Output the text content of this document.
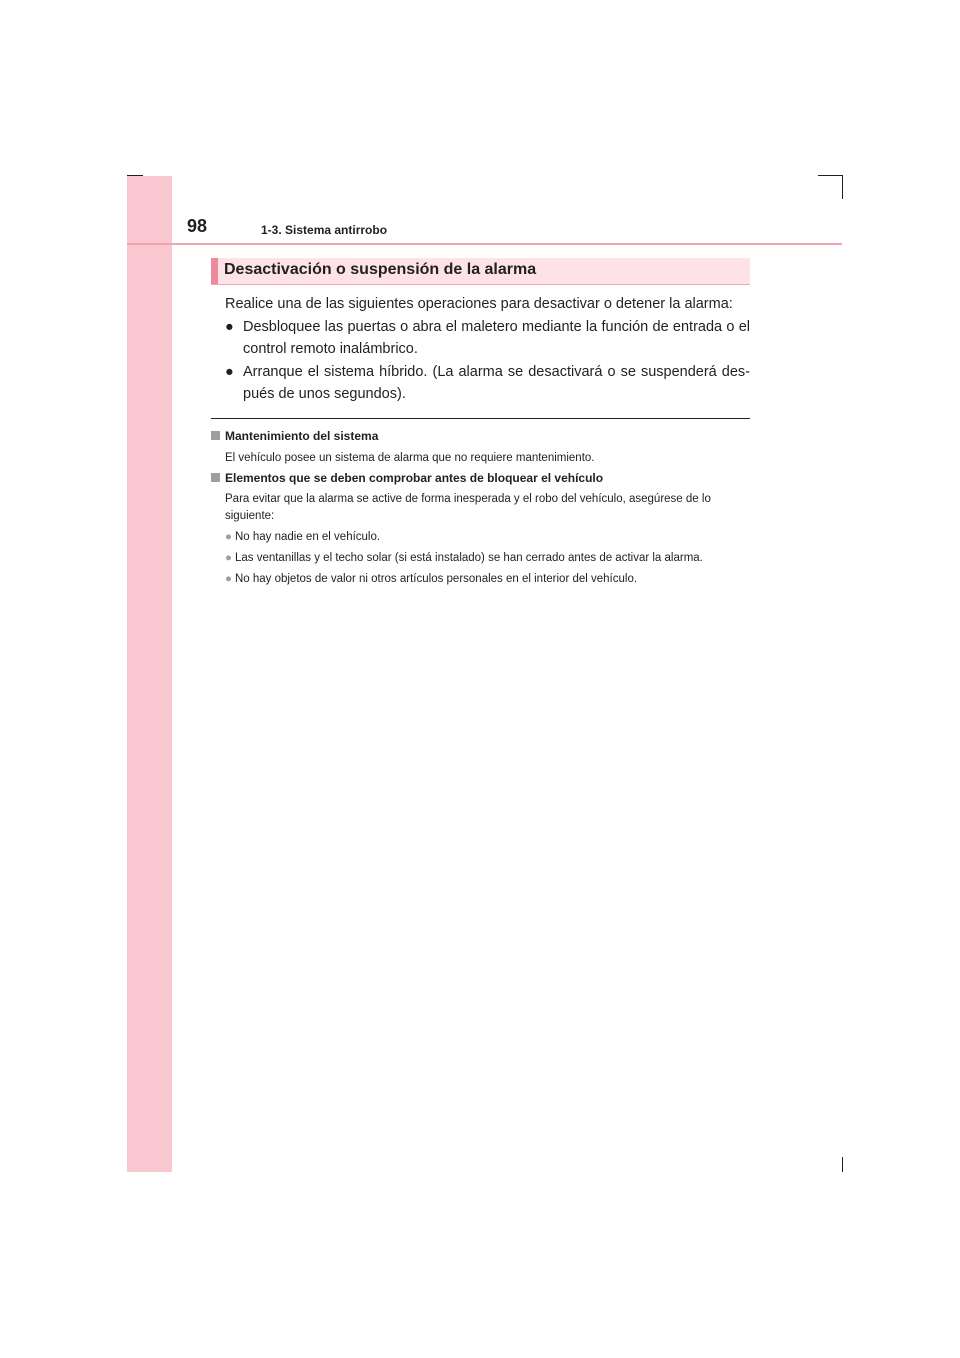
98	1-3. Sistema antirrobo
Desactivación o suspensión de la alarma
Realice una de las siguientes operaciones para desactivar o detener la alarma:
● Desbloquee las puertas o abra el maletero mediante la función de entrada o el control remoto inalámbrico.
● Arranque el sistema híbrido. (La alarma se desactivará o se suspenderá des-pués de unos segundos).
Mantenimiento del sistema
El vehículo posee un sistema de alarma que no requiere mantenimiento.
Elementos que se deben comprobar antes de bloquear el vehículo
Para evitar que la alarma se active de forma inesperada y el robo del vehículo, asegúrese de lo siguiente:
● No hay nadie en el vehículo.
● Las ventanillas y el techo solar (si está instalado) se han cerrado antes de activar la alarma.
● No hay objetos de valor ni otros artículos personales en el interior del vehículo.
